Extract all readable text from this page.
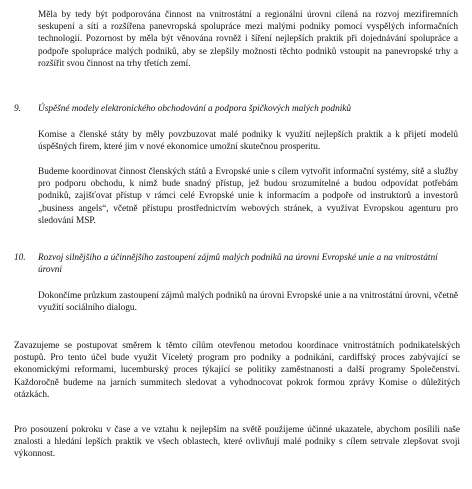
Měla by tedy být podporována činnost na vnitrostátní a regionální úrovni cílená na rozvoj mezifiremních seskupení a sítí a rozšířena panevropská spolupráce mezi malými podniky pomocí vyspělých informačních technologií. Pozornost by měla být věnována rovněž i šíření nejlepších praktik při dojednávání spolupráce a podpoře spolupráce malých podniků, aby se zlepšily možnosti těchto podniků vstoupit na panevropské trhy a rozšířit svou činnost na trhy třetích zemí.

9.	Úspěšné modely elektronického obchodování a podpora špičkových malých podniků

Komise a členské státy by měly povzbuzovat malé podniky k využití nejlepších praktik a k přijetí modelů úspěšných firem, které jim v nové ekonomice umožní skutečnou prosperitu.

Budeme koordinovat činnost členských států a Evropské unie s cílem vytvořit informační systémy, sítě a služby pro podporu obchodu, k nimž bude snadný přístup, jež budou srozumitelné a budou odpovídat potřebám podniků, zajišťovat přístup v rámci celé Evropské unie k informacím a podpoře od instruktorů a investorů „business angels“, včetně přístupu prostřednictvím webových stránek, a využívat Evropskou agenturu pro sledování MSP.

10.	Rozvoj silnějšího a účinnějšího zastoupení zájmů malých podniků na úrovni Evropské unie a na vnitrostátní úrovni

Dokončíme průzkum zastoupení zájmů malých podniků na úrovni Evropské unie a na vnitrostátní úrovni, včetně využití sociálního dialogu.

Zavazujeme se postupovat směrem k těmto cílům otevřenou metodou koordinace vnitrostátních podnikatelských postupů. Pro tento účel bude využit Víceletý program pro podniky a podnikání, cardiffský proces zabývající se ekonomickými reformami, lucemburský proces týkající se politiky zaměstnanosti a další programy Společenství. Každoročně budeme na jarních summitech sledovat a vyhodnocovat pokrok formou zprávy Komise o důležitých otázkách.

Pro posouzení pokroku v čase a ve vztahu k nejlepším na světě použijeme účinné ukazatele, abychom posílili naše znalosti a hledání lepších praktik ve všech oblastech, které ovlivňují malé podniky s cílem setrvale zlepšovat svoji výkonnost.
